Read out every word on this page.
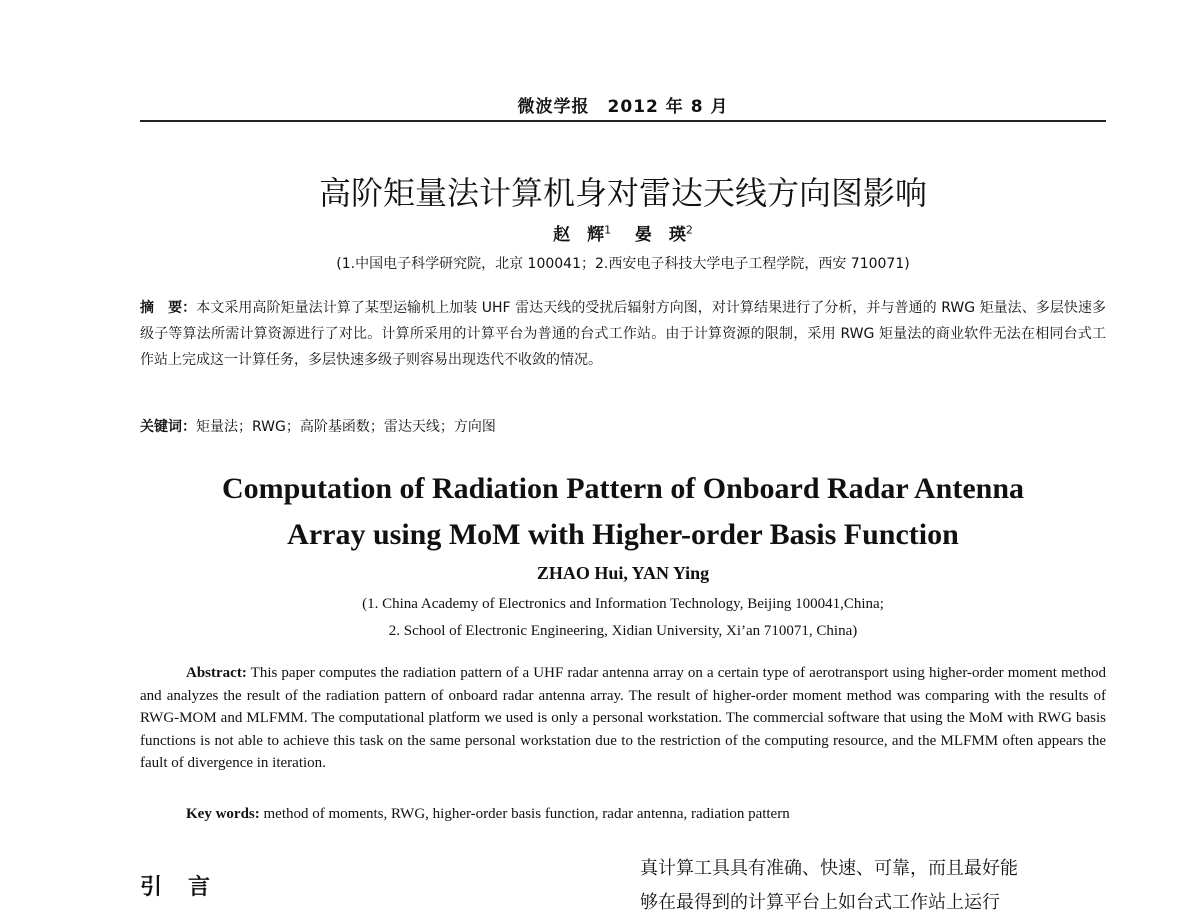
微波学报　2012 年 8 月
高阶矩量法计算机身对雷达天线方向图影响
赵　辉$^1$ 晏　瑛$^2$
(1.中国电子科学研究院，北京 100041；2.西安电子科技大学电子工程学院，西安 710071)
摘　要：本文采用高阶矩量法计算了某型运输机上加装 UHF 雷达天线的受扰后辐射方向图，对计算结果进行了分析，并与普通的 RWG 矩量法、多层快速多级子等算法所需计算资源进行了对比。计算所采用的计算平台为普通的台式工作站。由于计算资源的限制，采用 RWG 矩量法的商业软件无法在相同台式工作站上完成这一计算任务，多层快速多级子则容易出现迭代不收敛的情况。
关键词：矩量法；RWG；高阶基函数；雷达天线；方向图
Computation of Radiation Pattern of Onboard Radar Antenna
Array using MoM with Higher-order Basis Function
ZHAO Hui, YAN Ying
(1. China Academy of Electronics and Information Technology, Beijing 100041,China;
2. School of Electronic Engineering, Xidian University, Xi’an 710071, China)

Abstract: This paper computes the radiation pattern of a UHF radar antenna array on a certain type of aerotransport using higher-order moment method and analyzes the result of the radiation pattern of onboard radar antenna array. The result of higher-order moment method was comparing with the results of RWG-MOM and MLFMM. The computational platform we used is only a personal workstation. The commercial software that using the MoM with RWG basis functions is not able to achieve this task on the same personal workstation due to the restriction of the computing resource, and the MLFMM often appears the fault of divergence in iteration.

Key words: method of moments, RWG, higher-order basis function, radar antenna, radiation pattern
引言
真计算工具具有准确、快速、可靠，而且最好能
够在最得到的计算平台上如台式工作站上运行
